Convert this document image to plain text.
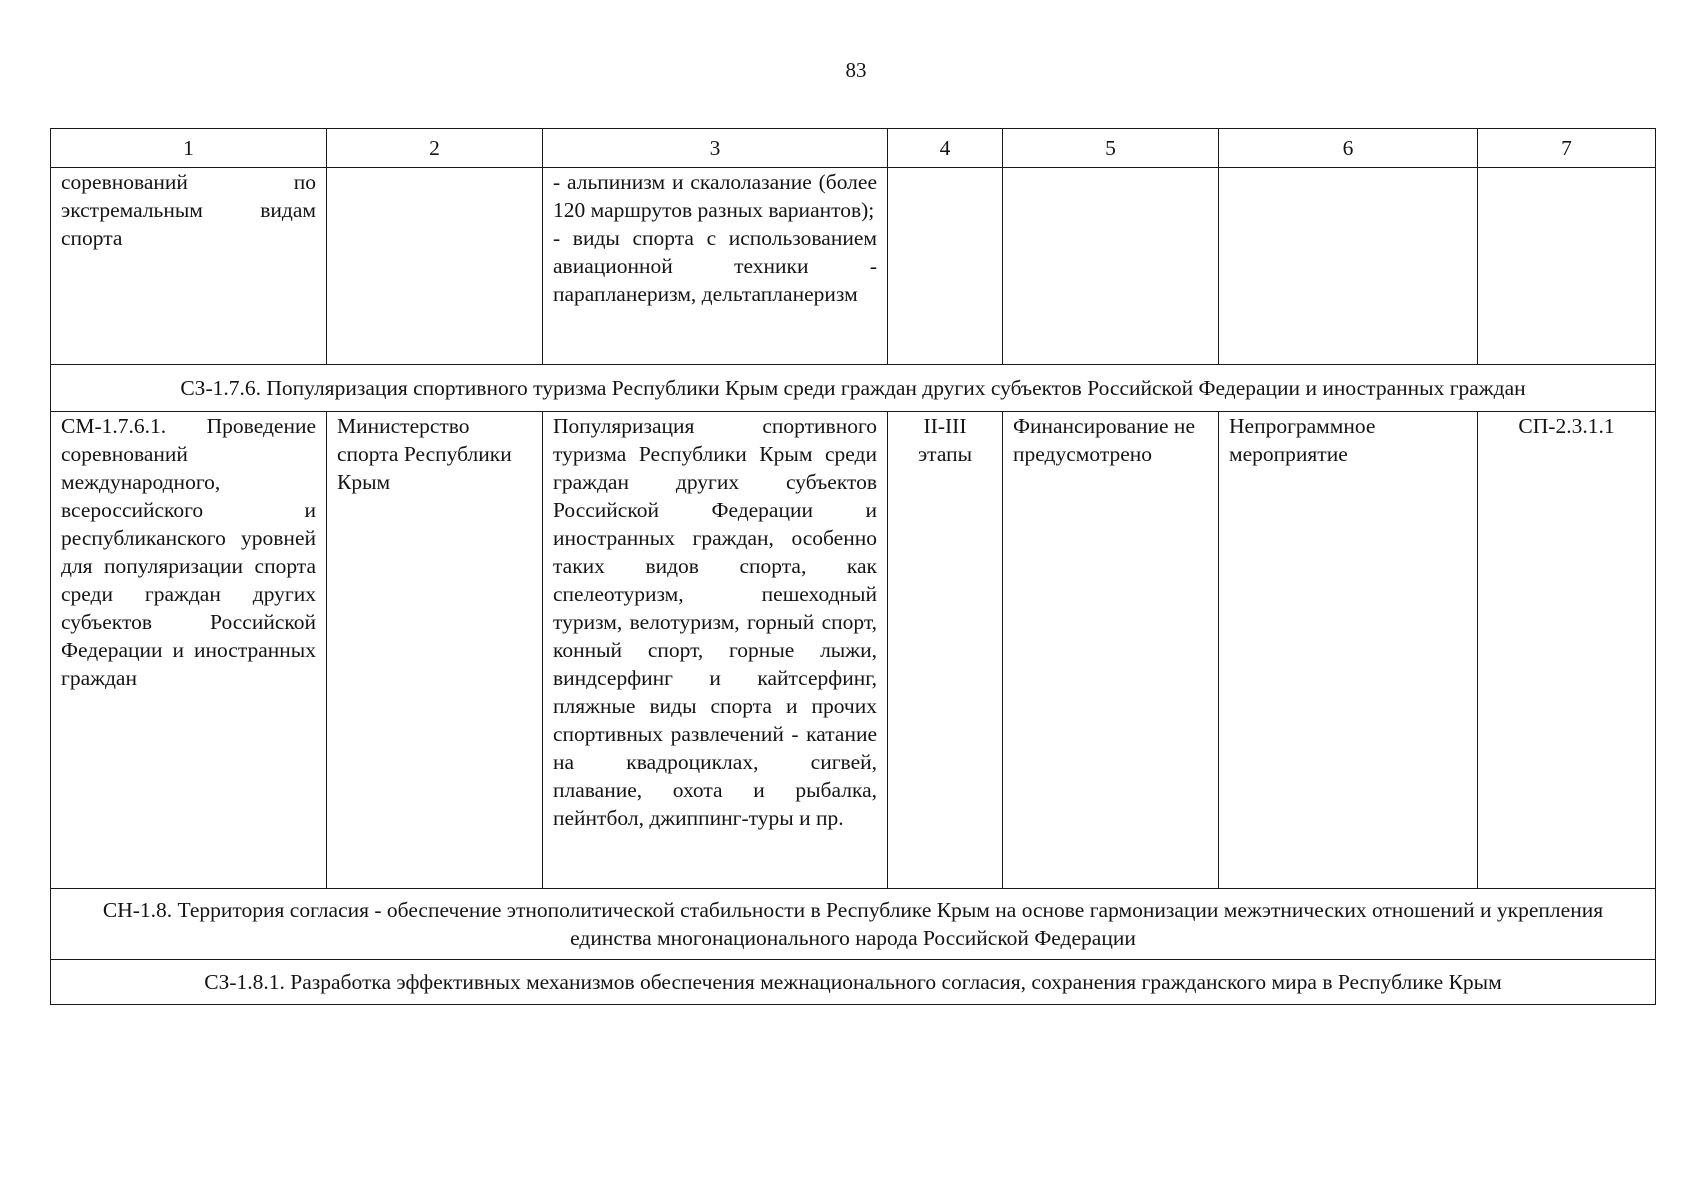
83
1	2	3	4	5	6	7
соревнований по экстремальным видам спорта		- альпинизм и скалолазание (более 120 маршрутов разных вариантов);
- виды спорта с использованием авиационной техники - парапланеризм, дельтапланеризм				

СЗ-1.7.6. Популяризация спортивного туризма Республики Крым среди граждан других субъектов Российской Федерации и иностранных граждан						
СМ-1.7.6.1. Проведение соревнований международного, всероссийского и республиканского уровней для популяризации спорта среди граждан других субъектов Российской Федерации и иностранных граждан	Министерство спорта Республики Крым	Популяризация спортивного туризма Республики Крым среди граждан других субъектов Российской Федерации и иностранных граждан, особенно таких видов спорта, как спелеотуризм, пешеходный туризм, велотуризм, горный спорт, конный спорт, горные лыжи, виндсерфинг и кайтсерфинг, пляжные виды спорта и прочих спортивных развлечений - катание на квадроциклах, сигвей, плавание, охота и рыбалка, пейнтбол, джиппинг-туры и пр.	II-III этапы	Финансирование не предусмотрено	Непрограммное мероприятие	СП-2.3.1.1
СН-1.8. Территория согласия - обеспечение этнополитической стабильности в Республике Крым на основе гармонизации межэтнических отношений и укрепления единства многонационального народа Российской Федерации						
СЗ-1.8.1. Разработка эффективных механизмов обеспечения межнационального согласия, сохранения гражданского мира в Республике Крым						
